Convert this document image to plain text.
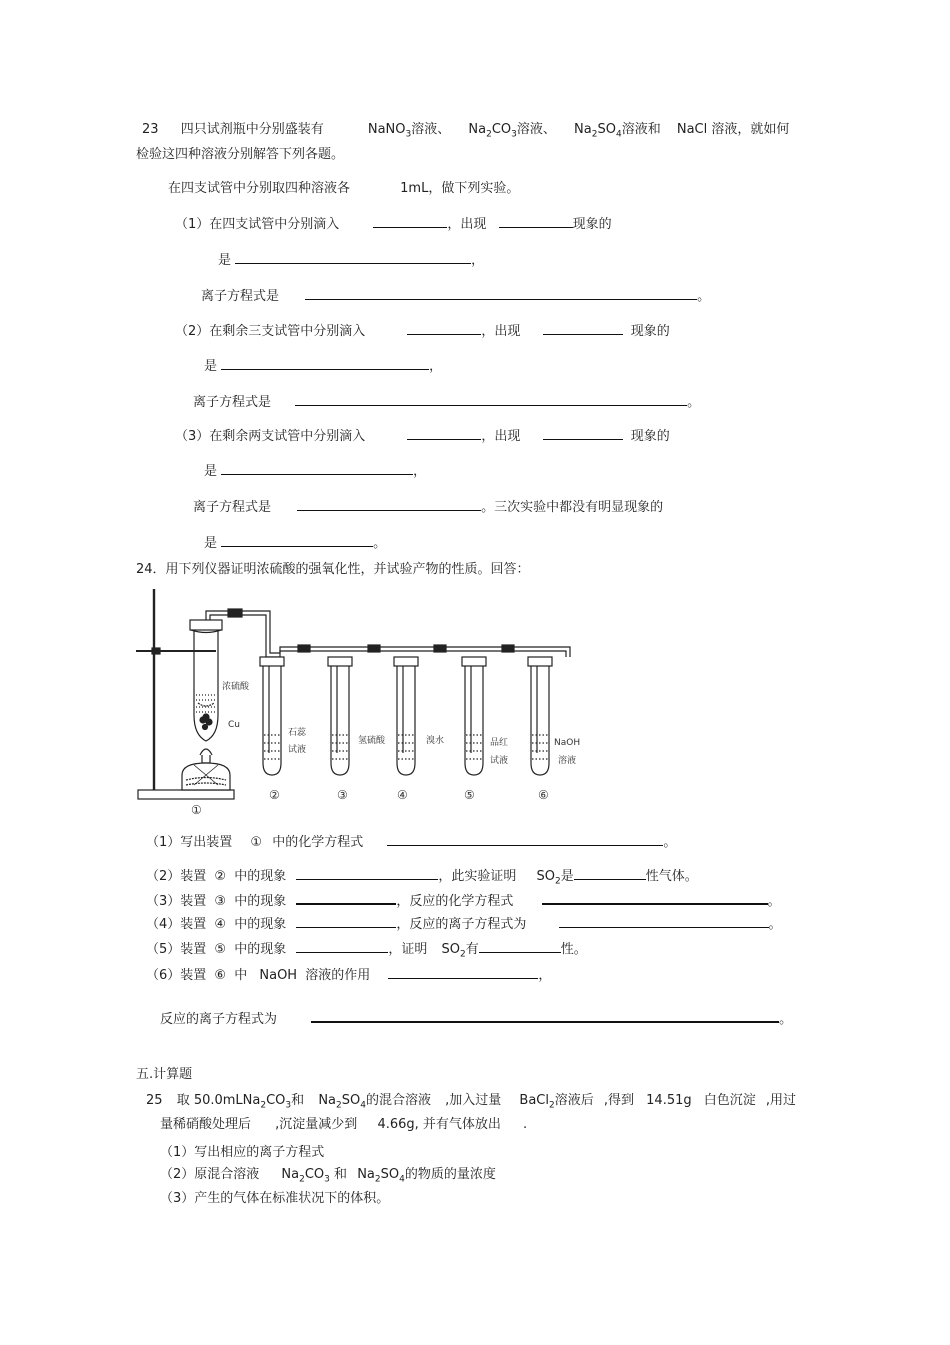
23 四只试剂瓶中分别盛装有	NaNO$_3$溶液、 $Na_2CO_3$溶液、 $Na_2SO_4$溶液和 NaCl 溶液，就如何
检验这四种溶液分别解答下列各题。
在四支试管中分别取四种溶液各	1mL，做下列实验。
（1）在四支试管中分别滴入	，出现	现象的
是	，
离子方程式是	。
（2）在剩余三支试管中分别滴入	，出现	现象的
是	，
离子方程式是	。
（3）在剩余两支试管中分别滴入	，出现	现象的
是	，
离子方程式是	。三次实验中都没有明显现象的
是	。
24．用下列仪器证明浓硫酸的强氧化性，并试验产物的性质。回答：
浓硫酸
Cu
石蕊
试液
氢硫酸	溴水	品红
试液
NaOH
溶液
①
②	③	④	⑤	⑥
（1）写出装置 ① 中的化学方程式	。
（2）装置 ② 中的现象	，此实验证明 $SO_2$是	性气体。
（3）装置 ③ 中的现象	，反应的化学方程式	。
（4）装置 ④ 中的现象	，反应的离子方程式为	。
（5）装置 ⑤ 中的现象	，证明 $SO_2$有	性。
（6）装置 ⑥ 中 NaOH 溶液的作用	，
反应的离子方程式为	。
五.计算题
25 取 $50.0mLNa_2CO_3$和 $Na_2SO_4$的混合溶液 ,加入过量 BaCl$_2$溶液后 ,得到 14.51g 白色沉淀 ,用过
量稀硝酸处理后 ,沉淀量减少到 4.66g, 并有气体放出 .
（1）写出相应的离子方程式
（2）原混合溶液 $Na_2CO_3$ 和 $Na_2SO_4$的物质的量浓度
（3）产生的气体在标准状况下的体积。
